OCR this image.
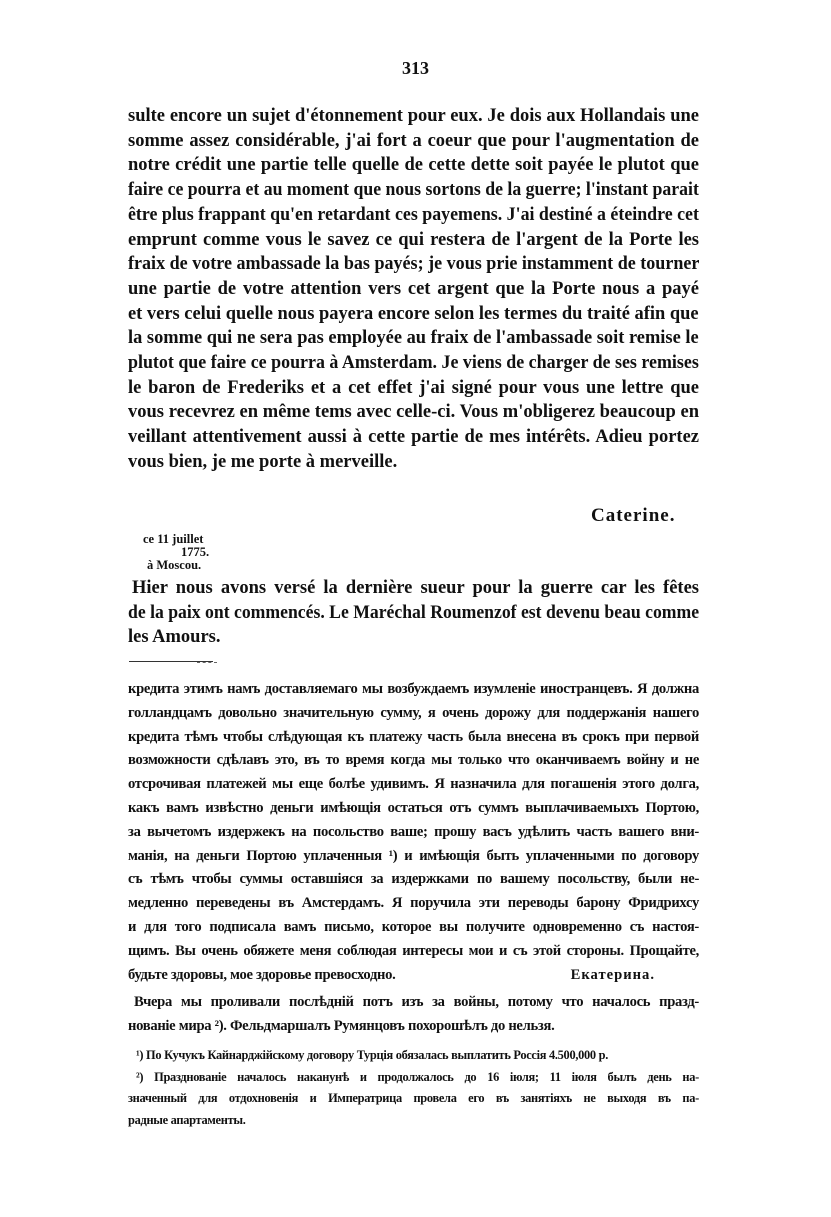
313
sulte encore un sujet d'étonnement pour eux. Je dois aux Hollandais une
somme assez considérable, j'ai fort a coeur que pour l'augmentation de
notre crédit une partie telle quelle de cette dette soit payée le plutot que
faire ce pourra et au moment que nous sortons de la guerre; l'instant parait
être plus frappant qu'en retardant ces payemens. J'ai destiné a éteindre cet
emprunt comme vous le savez ce qui restera de l'argent de la Porte les
fraix de votre ambassade la bas payés; je vous prie instamment de tourner
une partie de votre attention vers cet argent que la Porte nous a payé
et vers celui quelle nous payera encore selon les termes du traité afin que
la somme qui ne sera pas employée au fraix de l'ambassade soit remise le
plutot que faire ce pourra à Amsterdam. Je viens de charger de ses remises
le baron de Frederiks et a cet effet j'ai signé pour vous une lettre que
vous recevrez en même tems avec celle-ci. Vous m'obligerez beaucoup en
veillant attentivement aussi à cette partie de mes intérêts. Adieu portez
vous bien, je me porte à merveille.
Caterine.
ce 11 juillet
1775.
à Moscou.
Hier nous avons versé la dernière sueur pour la guerre car les fêtes
de la paix ont commencés. Le Maréchal Roumenzof est devenu beau comme
les Amours.
кредита этимъ намъ доставляемаго мы возбуждаемъ изумленіе иностранцевъ. Я должна
голландцамъ довольно значительную сумму, я очень дорожу для поддержанія нашего
кредита тѣмъ чтобы слѣдующая къ платежу часть была внесена въ срокъ при первой
возможности сдѣлавъ это, въ то время когда мы только что оканчиваемъ войну и не
отсрочивая платежей мы еще болѣе удивимъ. Я назначила для погашенія этого долга,
какъ вамъ извѣстно деньги имѣющія остаться отъ суммъ выплачиваемыхъ Портою,
за вычетомъ издержекъ на посольство ваше; прошу васъ удѣлить часть вашего вни-
манія, на деньги Портою уплаченныя ¹) и имѣющія быть уплаченными по договору
съ тѣмъ чтобы суммы оставшіяся за издержками по вашему посольству, были не-
медленно переведены въ Амстердамъ. Я поручила эти переводы барону Фридрихсу
и для того подписала вамъ письмо, которое вы получите одновременно съ настоя-
щимъ. Вы очень обяжете меня соблюдая интересы мои и съ этой стороны. Прощайте,
будьте здоровы, мое здоровье превосходно.	Екатерина.
Вчера мы проливали послѣдній потъ изъ за войны, потому что началось празд-
нованіе мира ²). Фельдмаршалъ Румянцовъ похорошѣлъ до нельзя.
¹) По Кучукъ Кайнарджійскому договору Турція обязалась выплатить Россія 4.500,000 р.
²) Празднованіе началось наканунѣ и продолжалось до 16 іюля; 11 іюля былъ день на-
значенный для отдохновенія и Императрица провела его въ занятіяхъ не выходя въ па-
радные апартаменты.
